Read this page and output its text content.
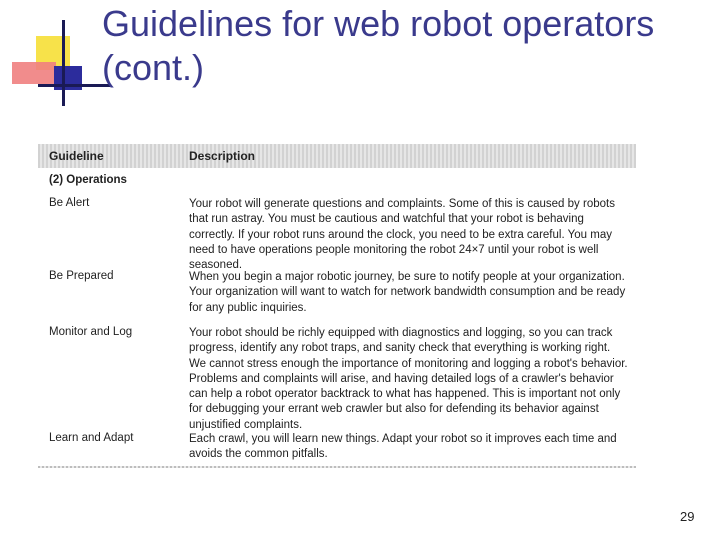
Guidelines for web robot operators (cont.)
Guideline	Description
(2) Operations
Be Alert	Your robot will generate questions and complaints. Some of this is caused by robots that run astray. You must be cautious and watchful that your robot is behaving correctly. If your robot runs around the clock, you need to be extra careful. You may need to have operations people monitoring the robot 24×7 until your robot is well seasoned.
Be Prepared	When you begin a major robotic journey, be sure to notify people at your organization. Your organization will want to watch for network bandwidth consumption and be ready for any public inquiries.
Monitor and Log	Your robot should be richly equipped with diagnostics and logging, so you can track progress, identify any robot traps, and sanity check that everything is working right. We cannot stress enough the importance of monitoring and logging a robot's behavior. Problems and complaints will arise, and having detailed logs of a crawler's behavior can help a robot operator backtrack to what has happened. This is important not only for debugging your errant web crawler but also for defending its behavior against unjustified complaints.
Learn and Adapt	Each crawl, you will learn new things. Adapt your robot so it improves each time and avoids the common pitfalls.
29
